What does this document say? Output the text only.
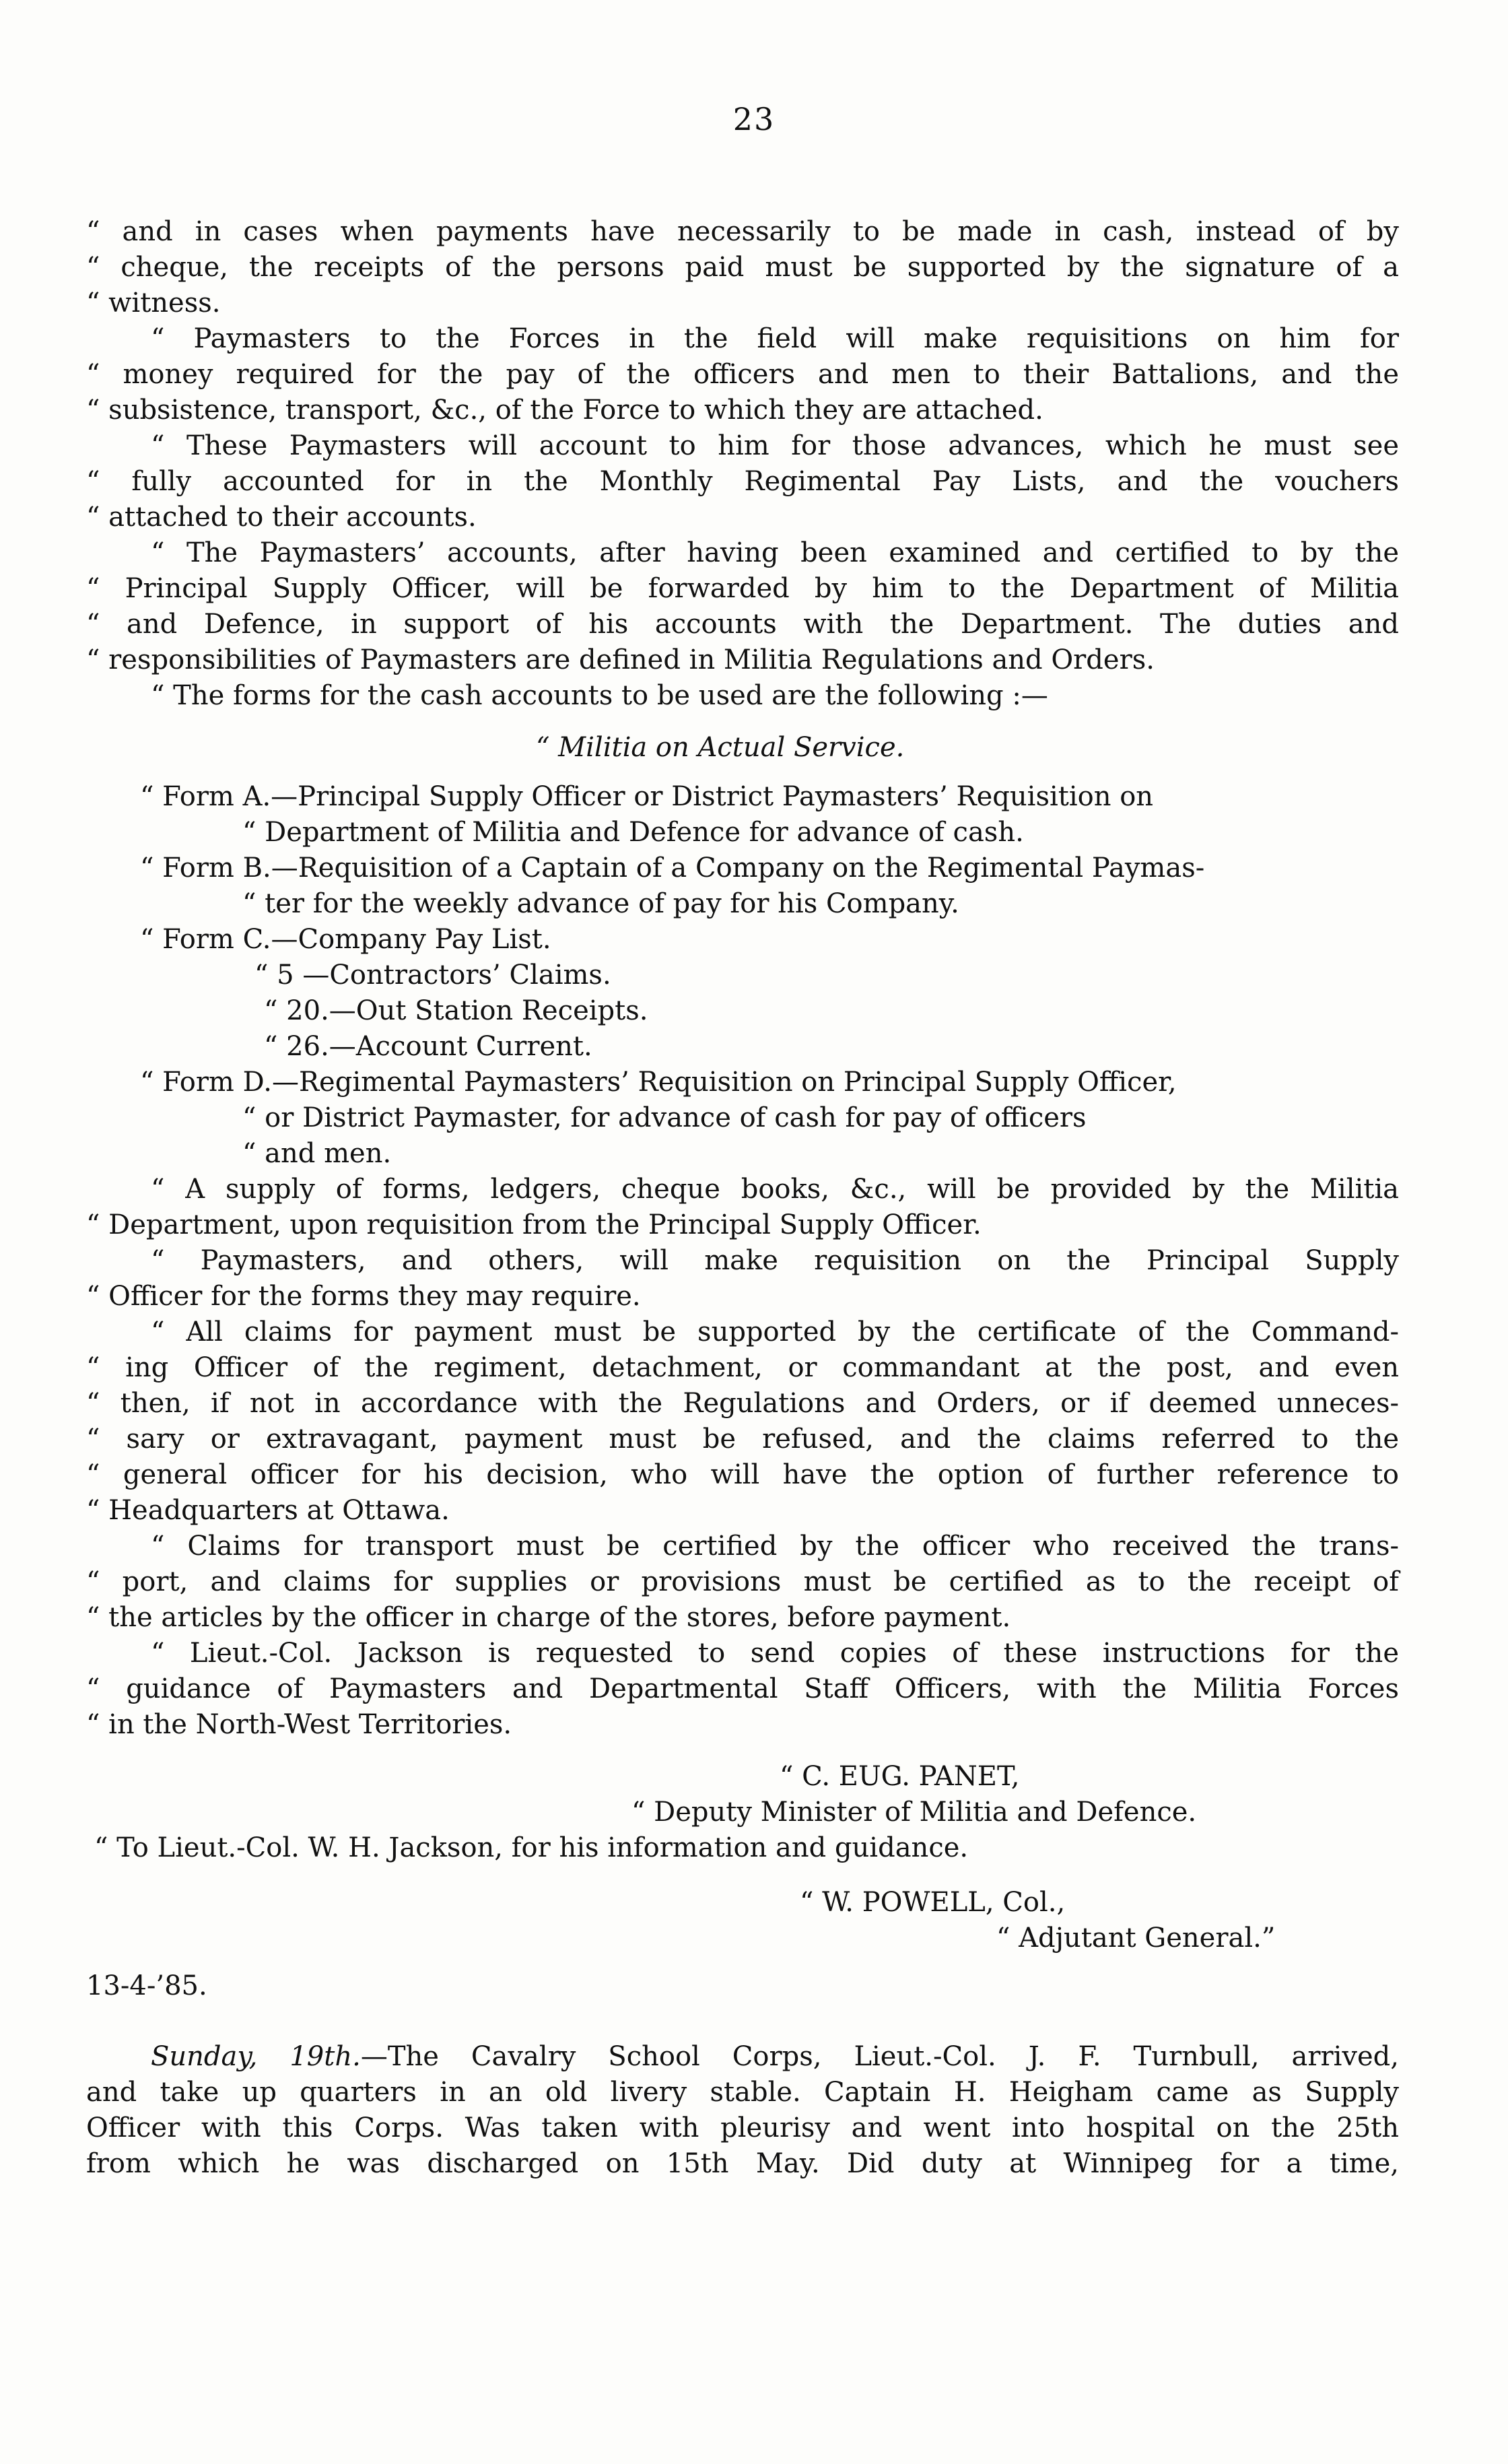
23

“ and in cases when payments have necessarily to be made in cash, instead of by

“ cheque, the receipts of the persons paid must be supported by the signature of a

“ witness.

“ Paymasters to the Forces in the field will make requisitions on him for

“ money required for the pay of the officers and men to their Battalions, and the

“ subsistence, transport, &c., of the Force to which they are attached.

“ These Paymasters will account to him for those advances, which he must see

“ fully accounted for in the Monthly Regimental Pay Lists, and the vouchers

“ attached to their accounts.

“ The Paymasters’ accounts, after having been examined and certified to by the

“ Principal Supply Officer, will be forwarded by him to the Department of Militia

“ and Defence, in support of his accounts with the Department. The duties and

“ responsibilities of Paymasters are defined in Militia Regulations and Orders.

“ The forms for the cash accounts to be used are the following :—

“ Militia on Actual Service.

“ Form A.—Principal Supply Officer or District Paymasters’ Requisition on

“ Department of Militia and Defence for advance of cash.

“ Form B.—Requisition of a Captain of a Company on the Regimental Paymas-

“ ter for the weekly advance of pay for his Company.

“ Form C.—Company Pay List.

“ 5 —Contractors’ Claims.

“ 20.—Out Station Receipts.

“ 26.—Account Current.

“ Form D.—Regimental Paymasters’ Requisition on Principal Supply Officer,

“ or District Paymaster, for advance of cash for pay of officers

“ and men.

“ A supply of forms, ledgers, cheque books, &c., will be provided by the Militia

“ Department, upon requisition from the Principal Supply Officer.

“ Paymasters, and others, will make requisition on the Principal Supply

“ Officer for the forms they may require.

“ All claims for payment must be supported by the certificate of the Command-

“ ing Officer of the regiment, detachment, or commandant at the post, and even

“ then, if not in accordance with the Regulations and Orders, or if deemed unneces-

“ sary or extravagant, payment must be refused, and the claims referred to the

“ general officer for his decision, who will have the option of further reference to

“ Headquarters at Ottawa.

“ Claims for transport must be certified by the officer who received the trans-

“ port, and claims for supplies or provisions must be certified as to the receipt of

“ the articles by the officer in charge of the stores, before payment.

“ Lieut.-Col. Jackson is requested to send copies of these instructions for the

“ guidance of Paymasters and Departmental Staff Officers, with the Militia Forces

“ in the North-West Territories.

“ C. EUG. PANET,

“ Deputy Minister of Militia and Defence.

“ To Lieut.-Col. W. H. Jackson, for his information and guidance.

“ W. POWELL, Col.,

“ Adjutant General.”

13-4-’85.

Sunday, 19th.—The Cavalry School Corps, Lieut.-Col. J. F. Turnbull, arrived,

and take up quarters in an old livery stable. Captain H. Heigham came as Supply

Officer with this Corps. Was taken with pleurisy and went into hospital on the 25th

from which he was discharged on 15th May. Did duty at Winnipeg for a time,
